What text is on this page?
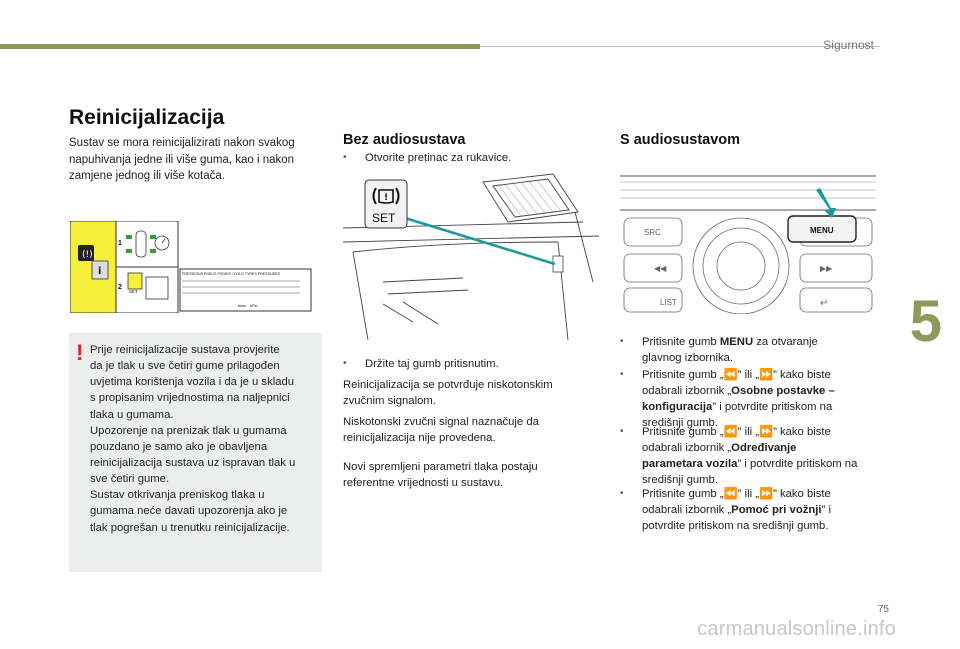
Sigurnost
5
Reinicijalizacija

Sustav se mora reinicijalizirati nakon svakog napuhivanja jedne ili više guma, kao i nakon zamjene jednog ili više kotača.

(!)
i
1
2
SET
PRESSIONS PNEUS FROIDS / COLD TYRES PRESSURES
bars kPa
! Prije reinicijalizacije sustava provjerite
da je tlak u sve četiri gume prilagođen
uvjetima korištenja vozila i da je u skladu
s propisanim vrijednostima na naljepnici
tlaka u gumama.
Upozorenje na prenizak tlak u gumama
pouzdano je samo ako je obavljena
reinicijalizacija sustava uz ispravan tlak u
sve četiri gume.
Sustav otkrivanja preniskog tlaka u
gumama neće davati upozorenja ako je
tlak pogrešan u trenutku reinicijalizacije.
Bez audiosustava
• Otvorite pretinac za rukavice.
!
SET
• Držite taj gumb pritisnutim.
Reinicijalizacija se potvrđuje niskotonskim
zvučnim signalom.
Niskotonski zvučni signal naznačuje da
reinicijalizacija nije provedena.
Novi spremljeni parametri tlaka postaju
referentne vrijednosti u sustavu.
S audiosustavom
SRC
◀◀	▶▶
LIST	↵
MENU
• Pritisnite gumb MENU za otvaranje
glavnog izbornika.
• Pritisnite gumb „⏪” ili „⏩” kako biste
odabrali izbornik „Osobne postavke –
konfiguracija” i potvrdite pritiskom na
središnji gumb.
• Pritisnite gumb „⏪” ili „⏩” kako biste
odabrali izbornik „Određivanje
parametara vozila” i potvrdite pritiskom na
središnji gumb.
• Pritisnite gumb „⏪” ili „⏩” kako biste
odabrali izbornik „Pomoć pri vožnji” i
potvrdite pritiskom na središnji gumb.
75
carmanualsonline.info
